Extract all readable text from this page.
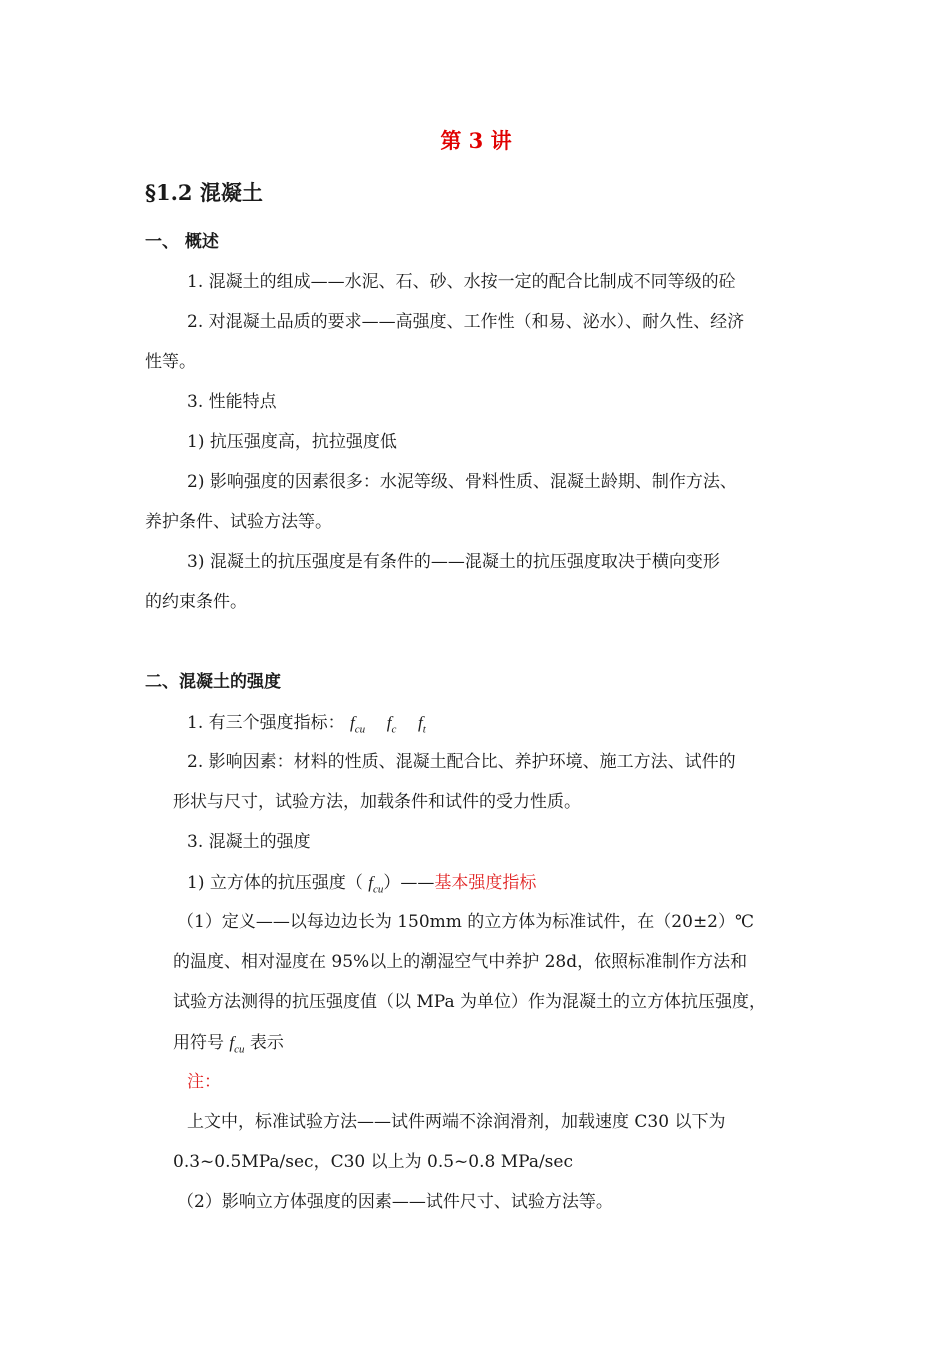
第 3 讲
§1.2 混凝土
一、 概述
1. 混凝土的组成——水泥、石、砂、水按一定的配合比制成不同等级的砼
2. 对混凝土品质的要求——高强度、工作性（和易、泌水）、耐久性、经济
性等。
3. 性能特点
1) 抗压强度高，抗拉强度低
2) 影响强度的因素很多：水泥等级、骨料性质、混凝土龄期、制作方法、
养护条件、试验方法等。
3) 混凝土的抗压强度是有条件的——混凝土的抗压强度取决于横向变形
的约束条件。
二、混凝土的强度
1. 有三个强度指标： $f_{cu}$ $f_c$ $f_t$
2. 影响因素：材料的性质、混凝土配合比、养护环境、施工方法、试件的
形状与尺寸，试验方法，加载条件和试件的受力性质。
3. 混凝土的强度
1) 立方体的抗压强度（ $f_{cu})——$基本强度指标
（1）定义——以每边边长为 150mm 的立方体为标准试件，在（20±2）℃
的温度、相对湿度在 95%以上的潮湿空气中养护 28d，依照标准制作方法和
试验方法测得的抗压强度值（以 MPa 为单位）作为混凝土的立方体抗压强度，
用符号 $f_{cu}$ 表示
注：
上文中，标准试验方法——试件两端不涂润滑剂，加载速度 C30 以下为
0.3~0.5MPa/sec，C30 以上为 0.5~0.8 MPa/sec
（2）影响立方体强度的因素——试件尺寸、试验方法等。
